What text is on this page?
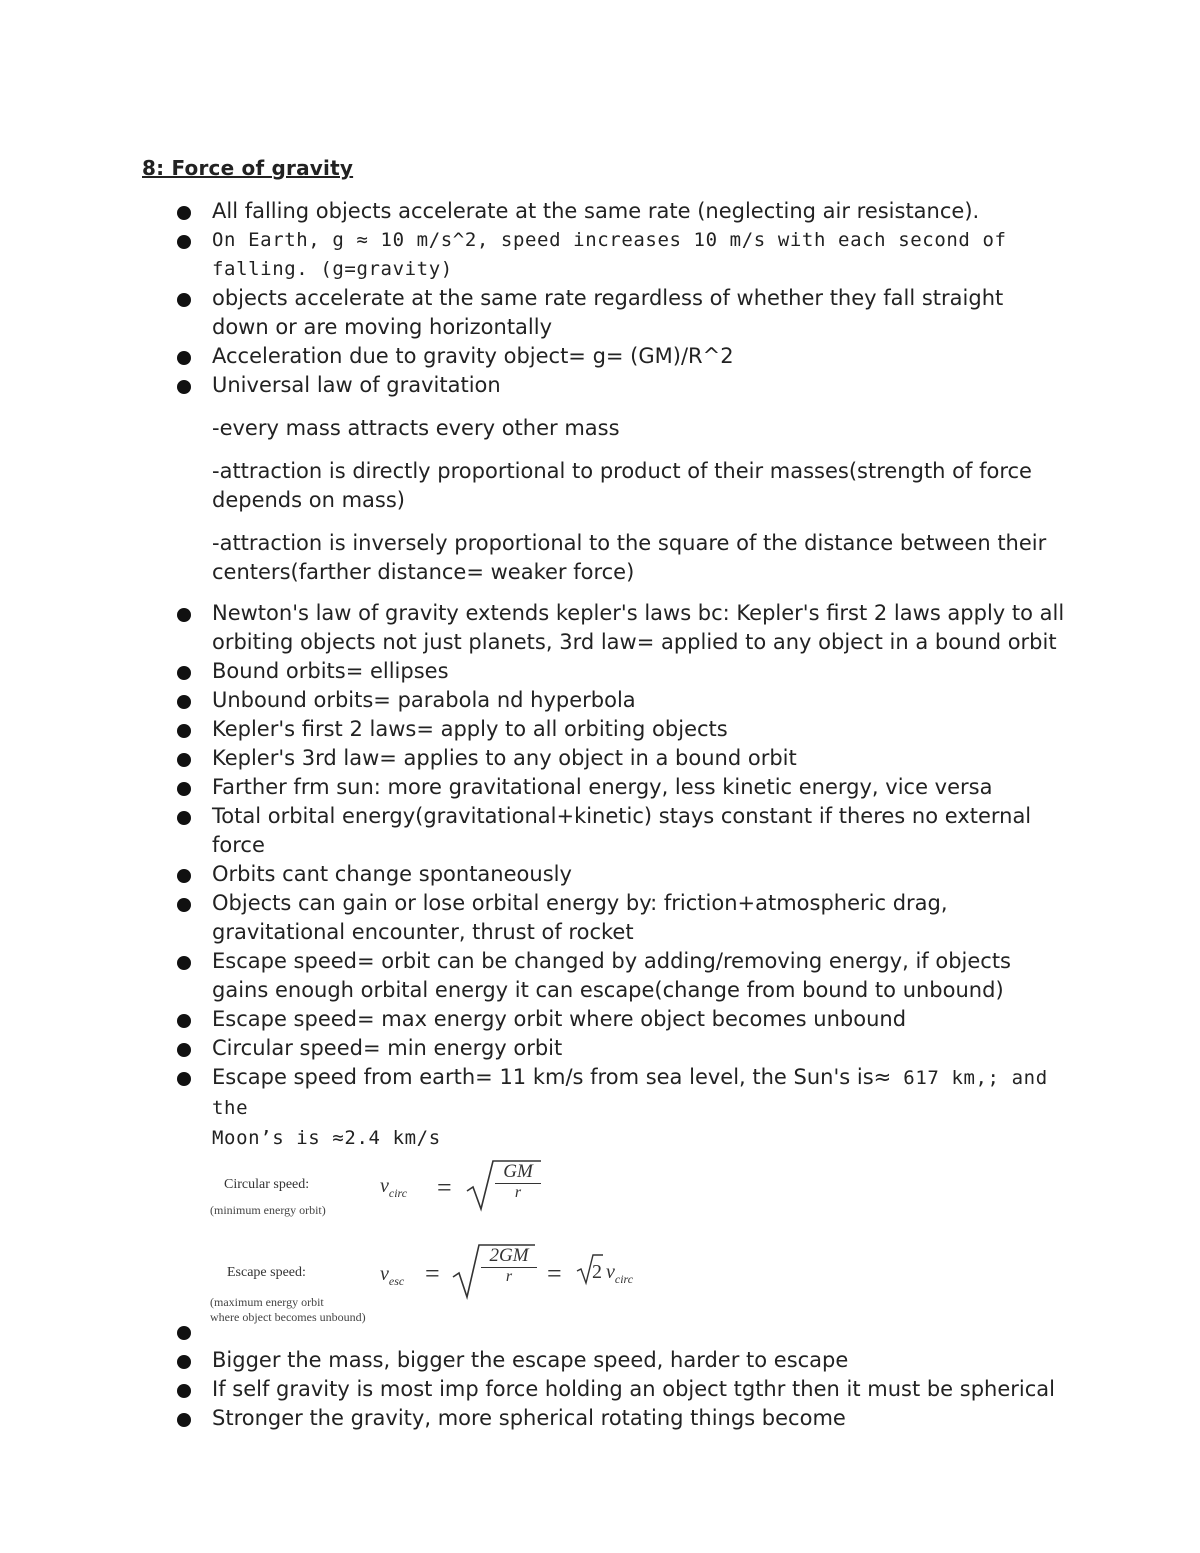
8: Force of gravity
All falling objects accelerate at the same rate (neglecting air resistance).
On Earth, g ≈ 10 m/s^2, speed increases 10 m/s with each second of falling. (g=gravity)
objects accelerate at the same rate regardless of whether they fall straight down or are moving horizontally
Acceleration due to gravity object= g= (GM)/R^2
Universal law of gravitation
-every mass attracts every other mass
-attraction is directly proportional to product of their masses(strength of force depends on mass)
-attraction is inversely proportional to the square of the distance between their centers(farther distance= weaker force)
Newton's law of gravity extends kepler's laws bc: Kepler's first 2 laws apply to all orbiting objects not just planets, 3rd law= applied to any object in a bound orbit
Bound orbits= ellipses
Unbound orbits= parabola nd hyperbola
Kepler's first 2 laws= apply to all orbiting objects
Kepler's 3rd law= applies to any object in a bound orbit
Farther frm sun: more gravitational energy, less kinetic energy, vice versa
Total orbital energy(gravitational+kinetic) stays constant if theres no external force
Orbits cant change spontaneously
Objects can gain or lose orbital energy by: friction+atmospheric drag, gravitational encounter, thrust of rocket
Escape speed= orbit can be changed by adding/removing energy, if objects gains enough orbital energy it can escape(change from bound to unbound)
Escape speed= max energy orbit where object becomes unbound
Circular speed= min energy orbit
Escape speed from earth= 11 km/s from sea level, the Sun's is≈ 617 km,; and the
Moon’s is ≈2.4 km/s
Circular speed:
(minimum energy orbit)
$v_{circ}$ =
GM
r
Escape speed:
(maximum energy orbit
where object becomes unbound)
$v_{esc}$ =
2GM
r	= 2 $v_{circ}$

Bigger the mass, bigger the escape speed, harder to escape
If self gravity is most imp force holding an object tgthr then it must be spherical
Stronger the gravity, more spherical rotating things become
